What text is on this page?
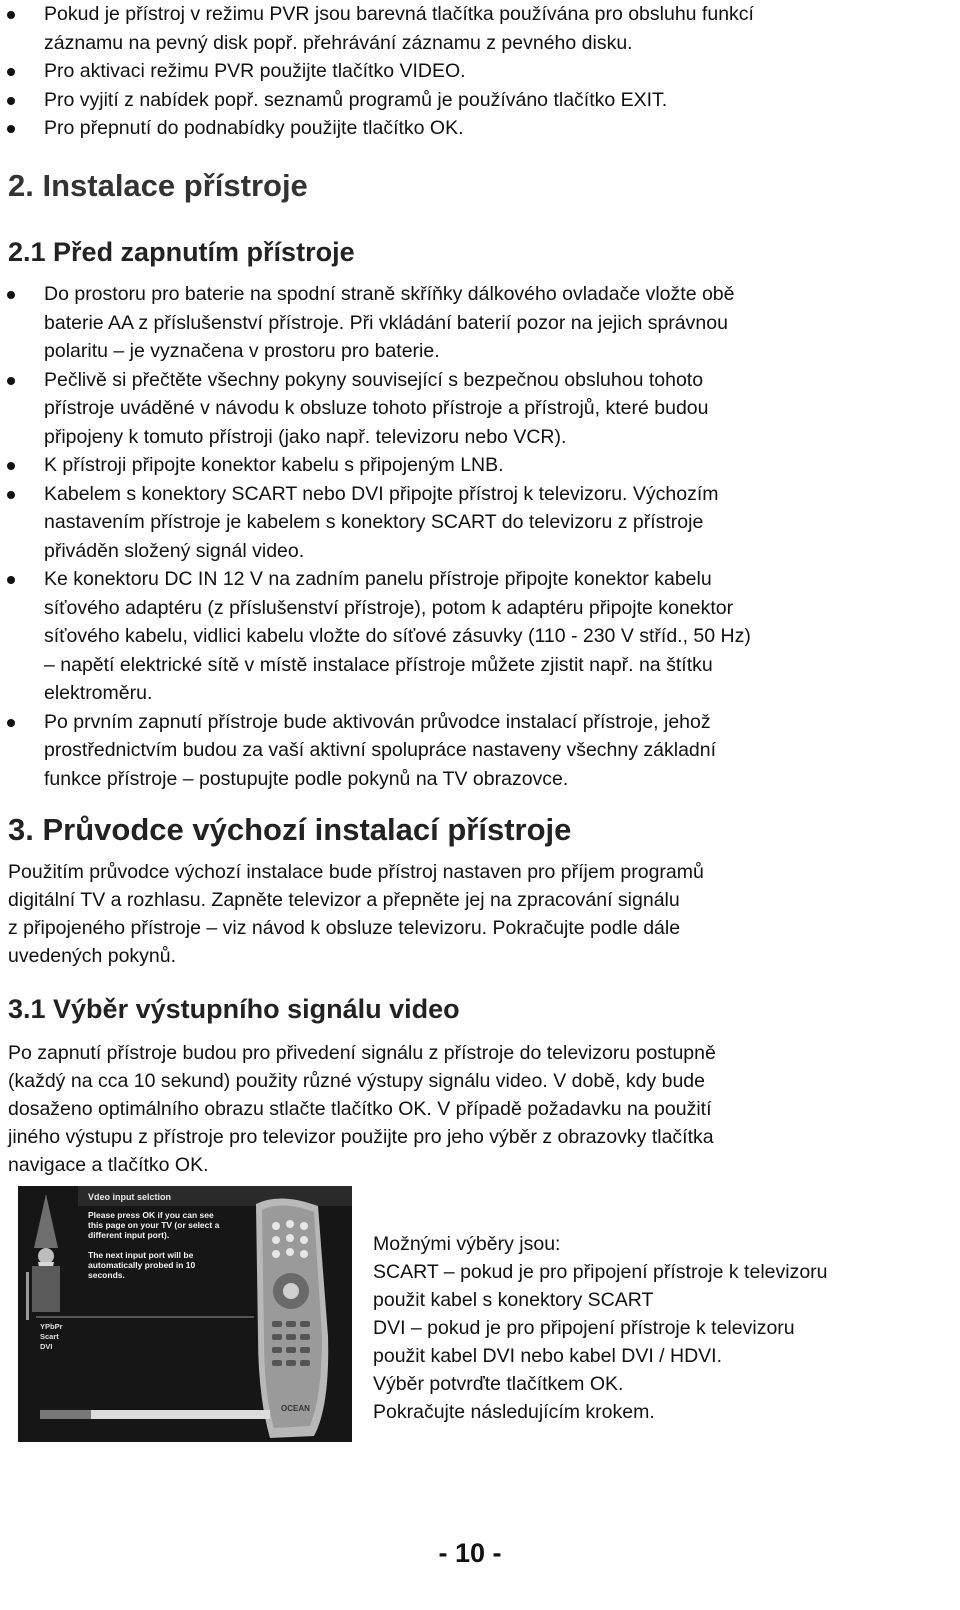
Pokud je přístroj v režimu PVR jsou barevná tlačítka používána pro obsluhu funkcí
záznamu na pevný disk popř. přehrávání záznamu z pevného disku.
Pro aktivaci režimu PVR použijte tlačítko VIDEO.
Pro vyjití z nabídek popř. seznamů programů je používáno tlačítko EXIT.
Pro přepnutí do podnabídky použijte tlačítko OK.
2. Instalace přístroje
2.1 Před zapnutím přístroje
Do prostoru pro baterie na spodní straně skříňky dálkového ovladače vložte obě
baterie AA z příslušenství přístroje. Při vkládání baterií pozor na jejich správnou
polaritu – je vyznačena v prostoru pro baterie.
Pečlivě si přečtěte všechny pokyny související s bezpečnou obsluhou tohoto
přístroje uváděné v návodu k obsluze tohoto přístroje a přístrojů, které budou
připojeny k tomuto přístroji (jako např. televizoru nebo VCR).
K přístroji připojte konektor kabelu s připojeným LNB.
Kabelem s konektory SCART nebo DVI připojte přístroj k televizoru. Výchozím
nastavením přístroje je kabelem s konektory SCART do televizoru z přístroje
přiváděn složený signál video.
Ke konektoru DC IN 12 V na zadním panelu přístroje připojte konektor kabelu
síťového adaptéru (z příslušenství přístroje), potom k adaptéru připojte konektor
síťového kabelu, vidlici kabelu vložte do síťové zásuvky (110 - 230 V stříd., 50 Hz)
– napětí elektrické sítě v místě instalace přístroje můžete zjistit např. na štítku
elektroměru.
Po prvním zapnutí přístroje bude aktivován průvodce instalací přístroje, jehož
prostřednictvím budou za vaší aktivní spolupráce nastaveny všechny základní
funkce přístroje – postupujte podle pokynů na TV obrazovce.
3. Průvodce výchozí instalací přístroje

Použitím průvodce výchozí instalace bude přístroj nastaven pro příjem programů
digitální TV a rozhlasu. Zapněte televizor a přepněte jej na zpracování signálu
z připojeného přístroje – viz návod k obsluze televizoru. Pokračujte podle dále
uvedených pokynů.

3.1 Výběr výstupního signálu video

Po zapnutí přístroje budou pro přivedení signálu z přístroje do televizoru postupně
(každý na cca 10 sekund) použity různé výstupy signálu video. V době, kdy bude
dosaženo optimálního obrazu stlačte tlačítko OK. V případě požadavku na použití
jiného výstupu z přístroje pro televizor použijte pro jeho výběr z obrazovky tlačítka
navigace a tlačítko OK.

Vdeo input selction
Please press OK if you can see
this page on your TV (or select a
different input port).
The next input port will be
automatically probed in 10
seconds.
YPbPr
Scart
DVI
OCEAN
Možnými výběry jsou:
SCART – pokud je pro připojení přístroje k televizoru
použit kabel s konektory SCART
DVI – pokud je pro připojení přístroje k televizoru
použit kabel DVI nebo kabel DVI / HDVI.
Výběr potvrďte tlačítkem OK.
Pokračujte následujícím krokem.
- 10 -
